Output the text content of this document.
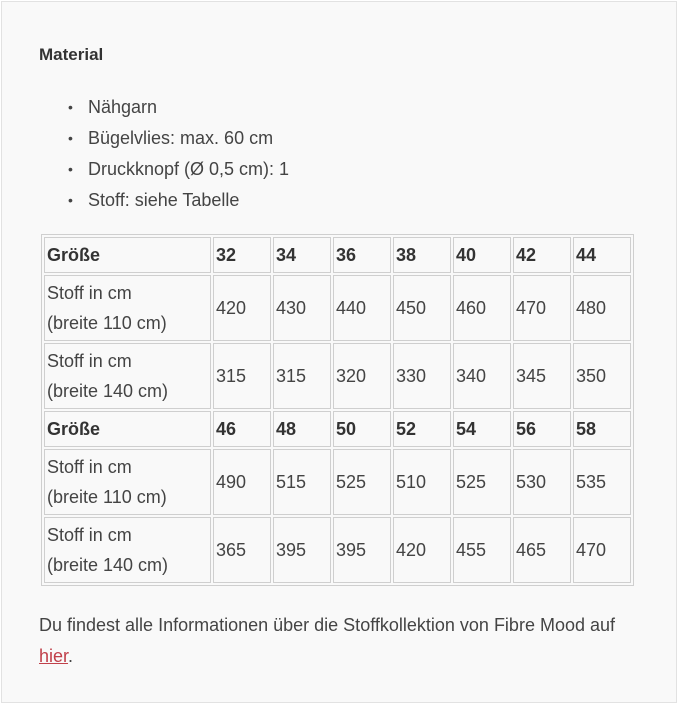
Material
• Nähgarn
• Bügelvlies: max. 60 cm
• Druckknopf (Ø 0,5 cm): 1
• Stoff: siehe Tabelle
Größe	32	34	36	38	40	42	44
Stoff in cm
(breite 110 cm)	420	430	440	450	460	470	480
Stoff in cm
(breite 140 cm)	315	315	320	330	340	345	350
Größe	46	48	50	52	54	56	58
Stoff in cm
(breite 110 cm)	490	515	525	510	525	530	535
Stoff in cm
(breite 140 cm)	365	395	395	420	455	465	470

Du findest alle Informationen über die Stoffkollektion von Fibre Mood auf hier.
